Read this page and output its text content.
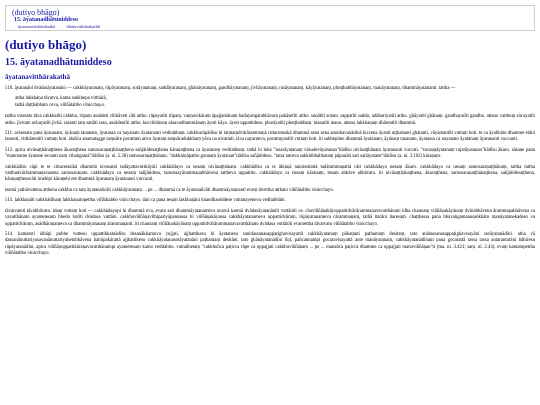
(dutiyo bhāgo)
15. āyatanadhātuniddeso
āyatanavitthārakathā dhātuvitthārakathā
(dutiyo bhāgo)
15. āyatanadhātuniddeso
āyatanavitthārakathā

510. āyatanāni dvādasāyatanāni — cakkhāyatanaṃ, rūpāyatanaṃ, sotāyatanaṃ, saddāyatanaṃ, ghānāyatanaṃ, gandhāyatanaṃ, jivhāyatanaṃ, rasāyatanaṃ, kāyāyatanaṃ, phoṭṭhabbāyatanaṃ, manāyatanaṃ, dhammāyatananti. tattha —

attha lakkhaṇa tāvatva, kama saṅkhepa vitthārā,
tathā daṭṭhabbato ceva, viññātabbo vinicchayo.

tattha visesato tāva cakkhatīti cakkhu, rūpaṃ assādeti vibhāveti cāti attho. rūpayatīti rūpaṃ, vaṇṇavikāraṃ āpajjamānaṃ hadayaṅgatabhāvaṃ pakāsetīti attho. suṇātīti sotaṃ. sappatīti saddo, udāhariyatīti attho. ghāyatīti ghānaṃ. gandhayatīti gandho. attano vatthuṃ sūcayatīti attho. jīvitam avhayatīti jivhā. rasanti taṃ sattāti raso, assādentīti attho. kucchitānaṃ sāsavadhammānaṃ āyoti kāyo. āyoti uppattideso. phusīyatīti phoṭṭhabbaṃ. manatīti mano. attano lakkhaṇaṃ dhārentīti dhammā.

511. avisesato pana āyatanato, āyānaṃ tananato, āyatassa ca nayanato āyatananti veditabbaṃ. cakkhurūpādīsu hi taṃtaṃdvārārammaṇā cittacetasikā dhammā sena sena anubhavanādinā kiccena āyanti uṭṭhahanti ghaṭanti, vāyamantīti vuttaṃ hoti. te ca āyabhūte dhamme etāni tanonti, vitthārentīti vuttaṃ hoti. idañca anamataggе saṃsāre pavattam ativa āyataṃ saṃsāradukkhaṃ yāva na nivattati, tāva nayanteva, pavattayantīti vuttaṃ hoti. iti sabbepime dhammā āyatanato, āyānaṃ tananato, āyatassa ca nayanato āyatanaṃ āyatananti vuccanti.

512. apica nivāsaṭṭhānaṭṭhena ākaraṭṭhena samosaraṇaṭṭhānaṭṭhena sañjātidesaṭṭhena kāraṇaṭṭhena ca āyatanaṃ veditabbaṃ. tathā hi loke "issarāyatanaṃ vāsudevāyatanan"tiādīsu nivāsaṭṭhānaṃ āyatananti vuccati. "suvaṇṇāyatanaṃ rajatāyatanan"tiādīsu ākaro. sāsane pana "manorame āyatane sevanti naṃ vihaṅgamā"tiādīsu (a. ni. 5.38) samosaraṇaṭṭhānaṃ. "dakkhiṇāpatho gunnaṃ āyatanan"tiādīsu sañjātideso. "tatra tatreva sakkhibhabbataṃ pāpuṇāti sati satiāyatane"tiādīsu (a. ni. 3.102) kāraṇaṃ.

cakkhādīsu cāpi te te cittacetasikā dhammā nivasanti tadāyattavuttitāyāti cakkhādayo ca nesaṃ nivāsaṭṭhānaṃ. cakkhādīsu ca te ākiṇṇā tannissitattā tadārammaṇattā cāti cakkhādayo nesaṃ ākaro. cakkhādayo ca nesaṃ samosaraṇaṭṭhānaṃ, tattha tattha vatthudvārārammaṇavasena samosaraṇato. cakkhādayo ca nesaṃ sañjātideso, tannissayārammaṇabhāvena tattheva uppattito. cakkhādayo ca nesaṃ kāraṇaṃ, tesaṃ abhāve abhāvato. iti nivāsaṭṭhānaṭṭhena, ākaraṭṭhena, samosaraṇaṭṭhānaṭṭhena, sañjātidesaṭṭhena, kāraṇaṭṭhenacāti imehipi kāraṇehi ete dhammā āyatanaṃ āyatananti vuccanti.

tasmā yathāvuttena atthena cakkhu ca taṃ āyatanañcāti cakkhāyatanaṃ ... pe ... dhammā ca te āyatanañcāti dhammāyatananti evaṃ tāvettha atthato viññātabbo vinicchayo.

513. lakkhaṇāti cakkhādīnaṃ lakkhaṇatopettha viññātabbo vinicchayo. tāni ca pana tesaṃ lakkhaṇāni khandhaniddese vuttanayeneva veditabbāni.

tāvatvatoti tāvabhāvato. idaṃ vuttaṃ hoti — cakkhādayopi hi dhammā eva, evaṃ sati dhammāyatanameva avatvā kasmā dvādasāyatanānīti vuttānīti ce. chaviññāṇakāyuppattidvārārammaṇavavatthānato idha channaṃ viññāṇakāyānaṃ dvārabhāvena ārammaṇabhāvena ca vavatthānato ayametesaṃ bhedo hotīti dvādasa vuttāni. cakkhuviññāṇavīthipariyāpannassa hi viññāṇakāyassa cakkhāyatanameva uppattidvāraṃ, rūpāyatanameva cārammaṇaṃ, tathā itarāni itaresaṃ. chaṭṭhassa pana bhavaṅgamanasaṅkhāto manāyatanekadeso va uppattidvāraṃ, asādhāraṇaṃeva ca dhammāyatanaṃ ārammaṇanti. iti channaṃ viññāṇakāyānaṃ uppattidvārārammaṇavavatthānato dvādasa vuttānīti evamettha tāvatvato viññātabbo vinicchayo.

514. kamatoti idhāpi pubbe vuttesu uppattikkamādīsu desanākkamova yujjati. ajjhattikesu hi āyatanesu sanidassanasappaṭighavisayattā cakkhāyatanaṃ pākaṭanti paṭhamaṃ desitaṃ, tato anidassanasappaṭighavisayāni sotāyatanādīni. atha vā dassanānuttariyasavanānuttariyahetubhāvena bahūpakārattā ajjhattikesu cakkhāyatanasotāyatanāni paṭhamaṃ desitāni, tato ghānāyatanādīni tīṇi, pañcannampi gocaravisayattā ante manāyatanaṃ, cakkhāyatanādīnaṃ pana gocarattā tassa tassa antarantarāni bāhiresu rūpāyatanādīni. apica viññāṇuppattikāraṇavavatthānatopi ayametesaṃ kamo veditabbo. vuttañhetaṃ "cakkhuñca paṭicca rūpe ca uppajjati cakkhuviññāṇaṃ ... pe ... manañca paṭicca dhamme ca uppajjati manoviññāṇan"ti (ma. ni. 3.421; saṃ. ni. 2.43). evaṃ kamatopettha viññātabbo vinicchayo.
